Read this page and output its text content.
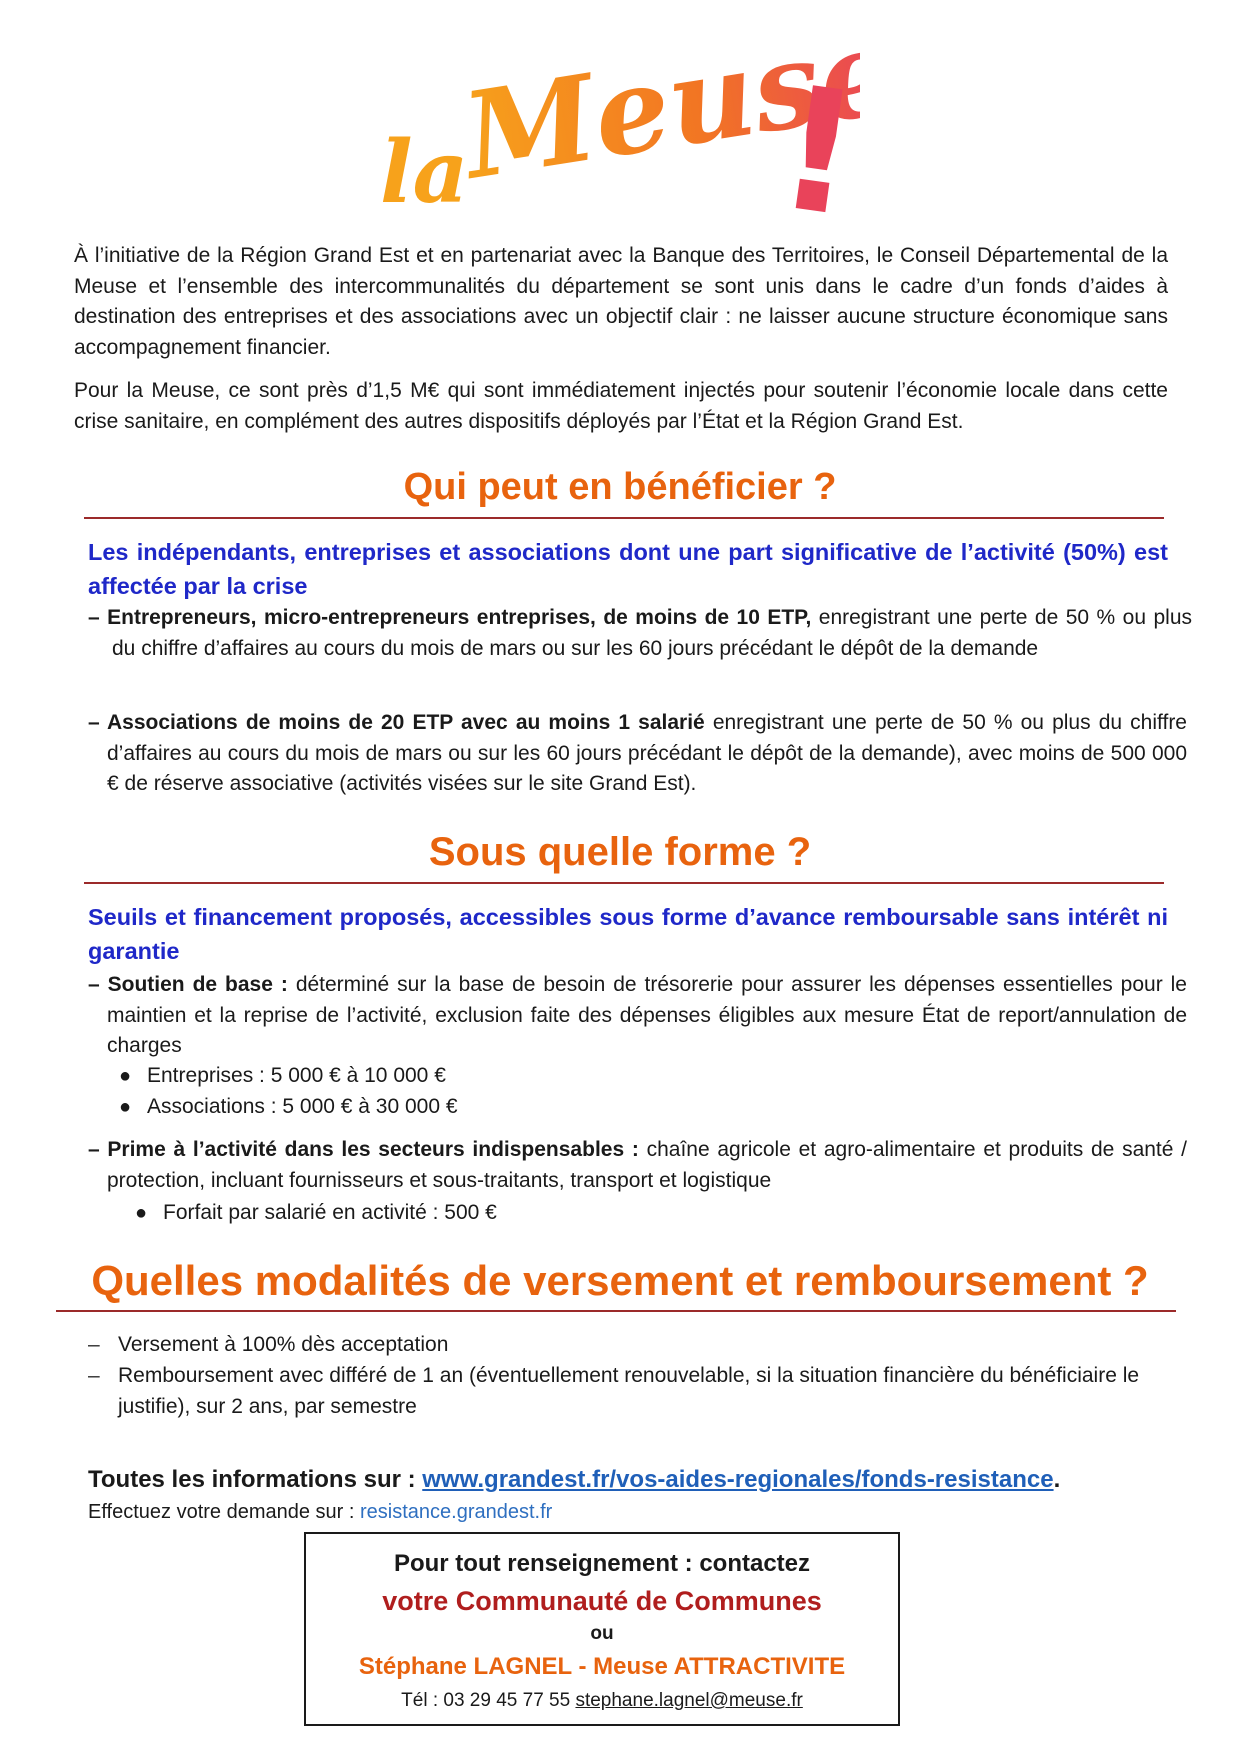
la
Meuse
!

À l’initiative de la Région Grand Est et en partenariat avec la Banque des Territoires, le Conseil Départemental de la Meuse et l’ensemble des intercommunalités du département se sont unis dans le cadre d’un fonds d’aides à destination des entreprises et des associations avec un objectif clair : ne laisser aucune structure économique sans accompagnement financier.

Pour la Meuse, ce sont près d’1,5 M€ qui sont immédiatement injectés pour soutenir l’économie locale dans cette crise sanitaire, en complément des autres dispositifs déployés par l’État et la Région Grand Est.

Qui peut en bénéficier ?

Les indépendants, entreprises et associations dont une part significative de l’activité (50%) est affectée par la crise

– Entrepreneurs, micro-entrepreneurs entreprises, de moins de 10 ETP, enregistrant une perte de 50 % ou plus du chiffre d’affaires au cours du mois de mars ou sur les 60 jours précédant le dépôt de la demande

– Associations de moins de 20 ETP avec au moins 1 salarié enregistrant une perte de 50 % ou plus du chiffre d’affaires au cours du mois de mars ou sur les 60 jours précédant le dépôt de la demande), avec moins de 500 000 € de réserve associative (activités visées sur le site Grand Est).

Sous quelle forme ?

Seuils et financement proposés, accessibles sous forme d’avance remboursable sans intérêt ni garantie

– Soutien de base : déterminé sur la base de besoin de trésorerie pour assurer les dépenses essentielles pour le maintien et la reprise de l’activité, exclusion faite des dépenses éligibles aux mesure État de report/annulation de charges

● Entreprises : 5 000 € à 10 000 €

● Associations : 5 000 € à 30 000 €

– Prime à l’activité dans les secteurs indispensables : chaîne agricole et agro-alimentaire et produits de santé / protection, incluant fournisseurs et sous-traitants, transport et logistique

● Forfait par salarié en activité : 500 €

Quelles modalités de versement et remboursement ?

– Versement à 100% dès acceptation

– Remboursement avec différé de 1 an (éventuellement renouvelable, si la situation financière du bénéficiaire le justifie), sur 2 ans, par semestre

Toutes les informations sur : www.grandest.fr/vos-aides-regionales/fonds-resistance.

Effectuez votre demande sur : resistance.grandest.fr

Pour tout renseignement : contactez

votre Communauté de Communes

ou

Stéphane LAGNEL - Meuse ATTRACTIVITE

Tél : 03 29 45 77 55 stephane.lagnel@meuse.fr
